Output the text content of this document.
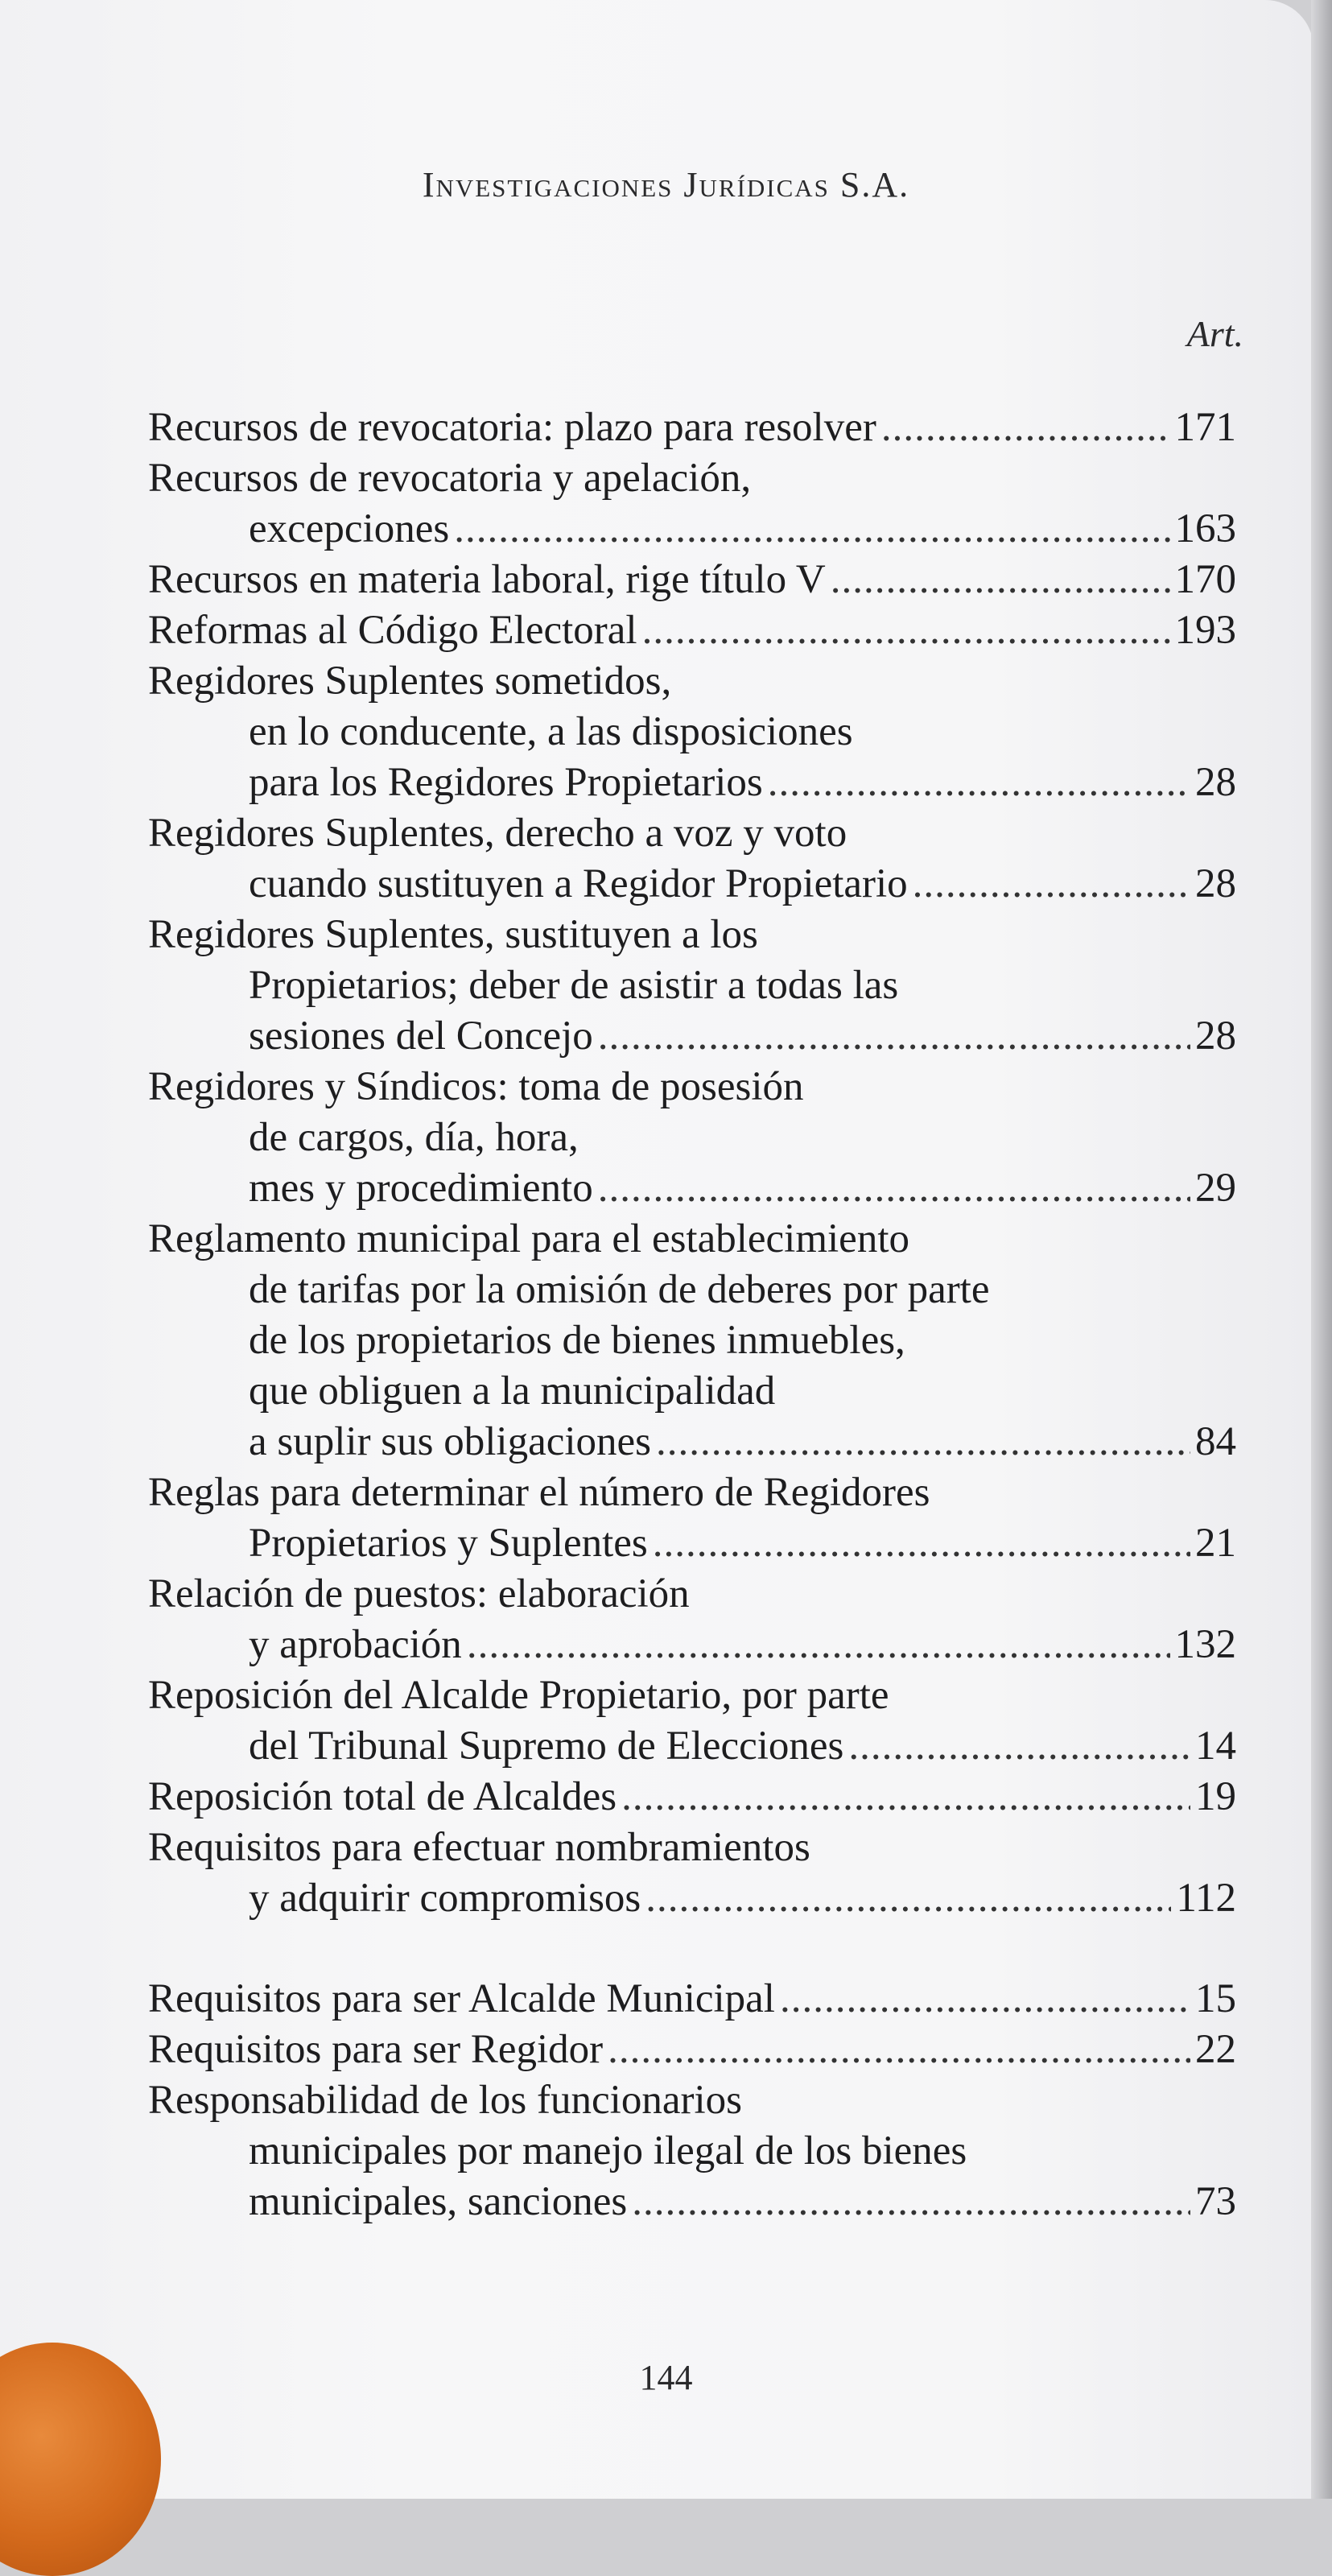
Investigaciones Jurídicas S.A.
Art.
Recursos de revocatoria: plazo para resolver .....	171
Recursos de revocatoria y apelación,
excepciones .....	163
Recursos en materia laboral, rige título V .....	170
Reformas al Código Electoral .....	193
Regidores Suplentes sometidos,
en lo conducente, a las disposiciones
para los Regidores Propietarios .....	28
Regidores Suplentes, derecho a voz y voto
cuando sustituyen a Regidor Propietario .....	28
Regidores Suplentes, sustituyen a los
Propietarios; deber de asistir a todas las
sesiones del Concejo .....	28
Regidores y Síndicos: toma de posesión
de cargos, día, hora,
mes y procedimiento .....	29
Reglamento municipal para el establecimiento
de tarifas por la omisión de deberes por parte
de los propietarios de bienes inmuebles,
que obliguen a la municipalidad
a suplir sus obligaciones .....	84
Reglas para determinar el número de Regidores
Propietarios y Suplentes .....	21
Relación de puestos: elaboración
y aprobación .....	132
Reposición del Alcalde Propietario, por parte
del Tribunal Supremo de Elecciones .....	14
Reposición total de Alcaldes .....	19
Requisitos para efectuar nombramientos
y adquirir compromisos .....	112
Requisitos para ser Alcalde Municipal .....	15
Requisitos para ser Regidor .....	22
Responsabilidad de los funcionarios
municipales por manejo ilegal de los bienes
municipales, sanciones .....	73
144
